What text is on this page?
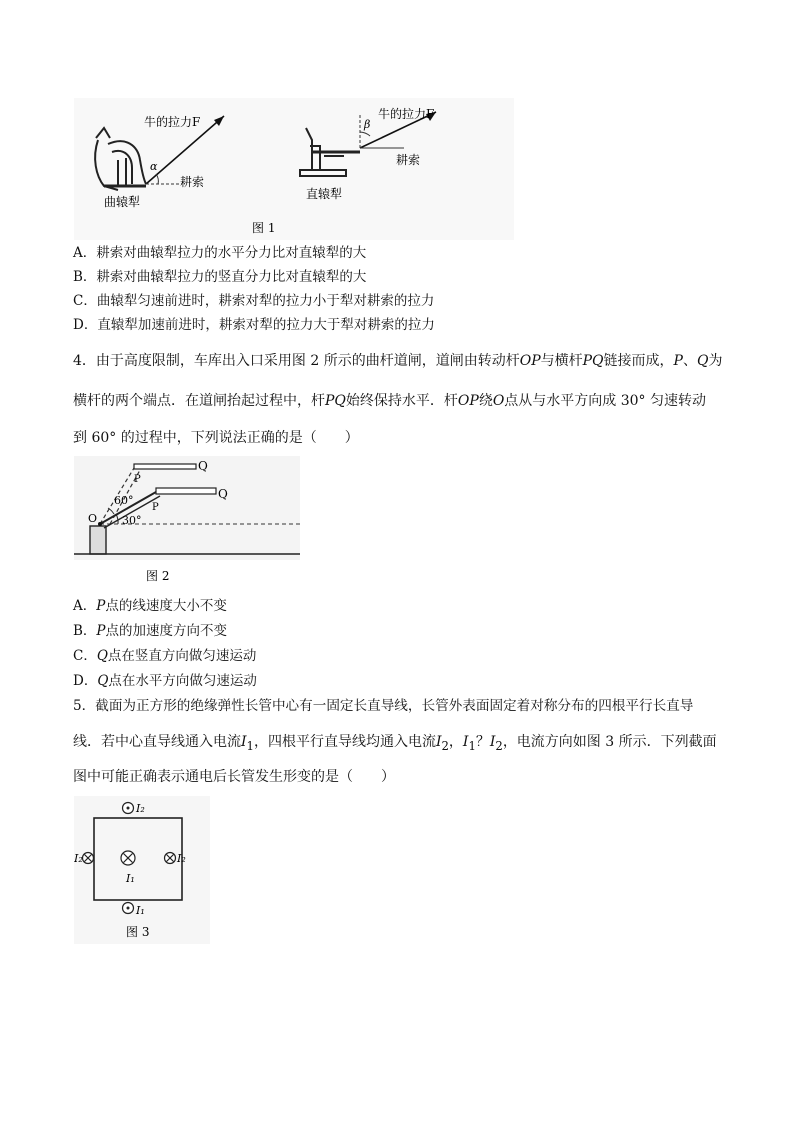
牛的拉力F
α
耕索
曲辕犁
牛的拉力F
β
耕索
直辕犁
图 1
A．耕索对曲辕犁拉力的水平分力比对直辕犁的大
B．耕索对曲辕犁拉力的竖直分力比对直辕犁的大
C．曲辕犁匀速前进时，耕索对犁的拉力小于犁对耕索的拉力
D．直辕犁加速前进时，耕索对犁的拉力大于犁对耕索的拉力
4．由于高度限制，车库出入口采用图 2 所示的曲杆道闸，道闸由转动杆OP与横杆PQ链接而成，P、Q为
横杆的两个端点．在道闸抬起过程中，杆PQ始终保持水平．杆OP绕O点从与水平方向成 30° 匀速转动
到 60° 的过程中，下列说法正确的是（　　）
Q
P
Q
P
O
60°
30°
图 2
A．P点的线速度大小不变
B．P点的加速度方向不变
C．Q点在竖直方向做匀速运动
D．Q点在水平方向做匀速运动
5．截面为正方形的绝缘弹性长管中心有一固定长直导线，长管外表面固定着对称分布的四根平行长直导
线．若中心直导线通入电流$I_1$，四根平行直导线均通入电流$I_2$，$I_1$？$I_2$，电流方向如图 3 所示．下列截面
图中可能正确表示通电后长管发生形变的是（　　）
I₂
I₂	I₂
I₁
I₁
图 3
